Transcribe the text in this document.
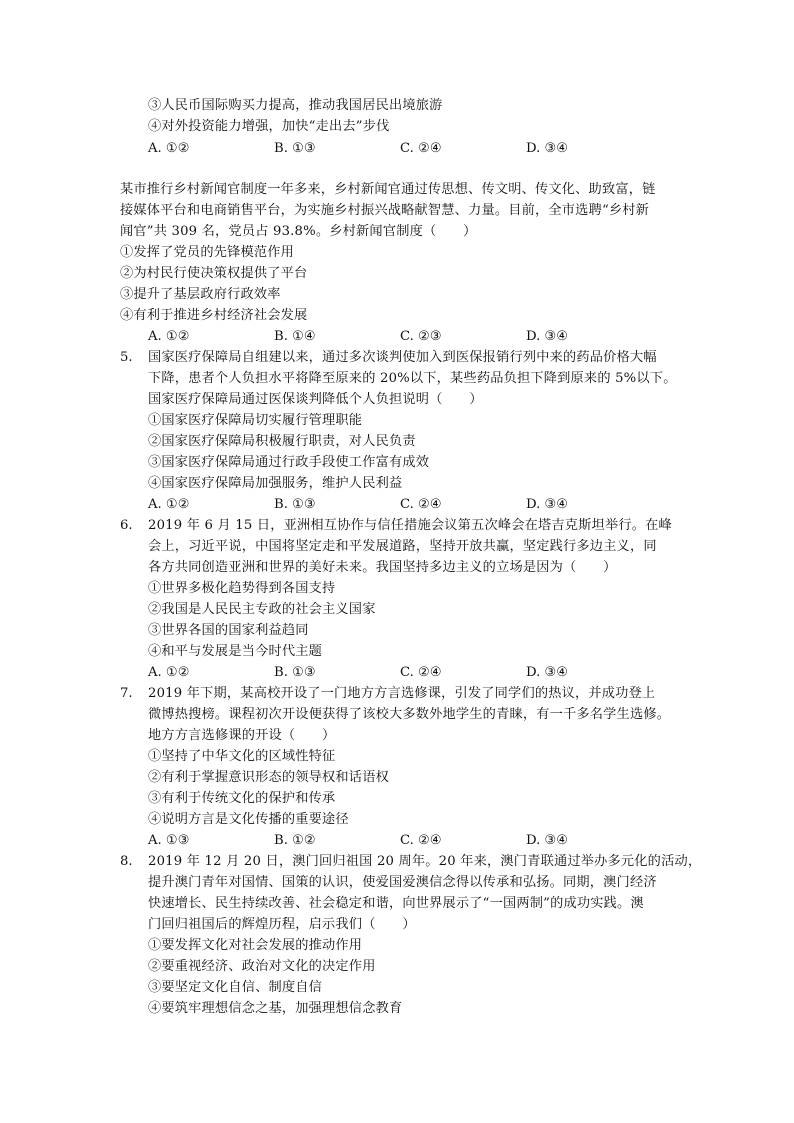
③人民币国际购买力提高，推动我国居民出境旅游
④对外投资能力增强，加快“走出去”步伐
A. ①②	B. ①③	C. ②④	D. ③④
某市推行乡村新闻官制度一年多来，乡村新闻官通过传思想、传文明、传文化、助致富，链
接媒体平台和电商销售平台，为实施乡村振兴战略献智慧、力量。目前，全市选聘“乡村新
闻官”共 309 名，党员占 93.8%。乡村新闻官制度（　　）
①发挥了党员的先锋模范作用
②为村民行使决策权提供了平台
③提升了基层政府行政效率
④有利于推进乡村经济社会发展
A. ①②	B. ①④	C. ②③	D. ③④
5. 国家医疗保障局自组建以来，通过多次谈判使加入到医保报销行列中来的药品价格大幅
下降，患者个人负担水平将降至原来的 20%以下，某些药品负担下降到原来的 5%以下。
国家医疗保障局通过医保谈判降低个人负担说明（　　）
①国家医疗保障局切实履行管理职能
②国家医疗保障局积极履行职责，对人民负责
③国家医疗保障局通过行政手段使工作富有成效
④国家医疗保障局加强服务，维护人民利益
A. ①②	B. ①③	C. ②④	D. ③④
6. 2019 年 6 月 15 日，亚洲相互协作与信任措施会议第五次峰会在塔吉克斯坦举行。在峰
会上，习近平说，中国将坚定走和平发展道路，坚持开放共赢，坚定践行多边主义，同
各方共同创造亚洲和世界的美好未来。我国坚持多边主义的立场是因为（　　）
①世界多极化趋势得到各国支持
②我国是人民民主专政的社会主义国家
③世界各国的国家利益趋同
④和平与发展是当今时代主题
A. ①②	B. ①③	C. ②④	D. ③④
7. 2019 年下期，某高校开设了一门地方方言选修课，引发了同学们的热议，并成功登上
微博热搜榜。课程初次开设便获得了该校大多数外地学生的青睐，有一千多名学生选修。
地方方言选修课的开设（　　）
①坚持了中华文化的区域性特征
②有利于掌握意识形态的领导权和话语权
③有利于传统文化的保护和传承
④说明方言是文化传播的重要途径
A. ①③	B. ①②	C. ②④	D. ③④
8. 2019 年 12 月 20 日，澳门回归祖国 20 周年。20 年来，澳门青联通过举办多元化的活动，
提升澳门青年对国情、国策的认识，使爱国爱澳信念得以传承和弘扬。同期，澳门经济
快速增长、民生持续改善、社会稳定和谐，向世界展示了“一国两制”的成功实践。澳
门回归祖国后的辉煌历程，启示我们（　　）
①要发挥文化对社会发展的推动作用
②要重视经济、政治对文化的决定作用
③要坚定文化自信、制度自信
④要筑牢理想信念之基，加强理想信念教育
